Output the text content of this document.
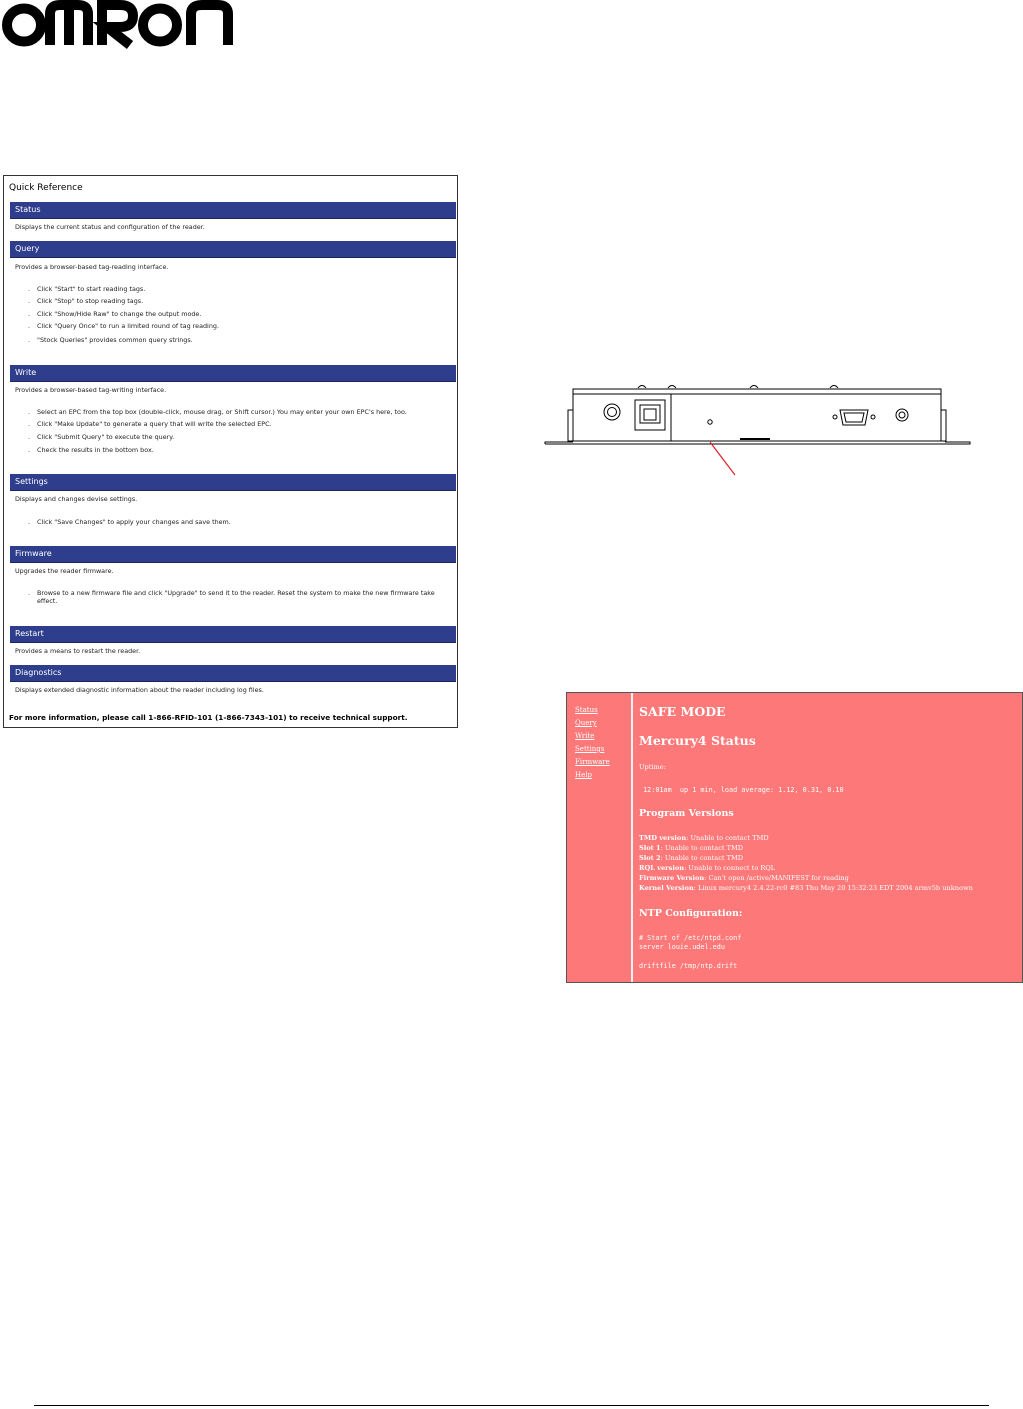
Quick Reference
Status
Displays the current status and configuration of the reader.
Query
Provides a browser-based tag-reading interface.
. Click "Start" to start reading tags.
. Click "Stop" to stop reading tags.
. Click "Show/Hide Raw" to change the output mode.
. Click "Query Once" to run a limited round of tag reading.
. "Stock Queries" provides common query strings.
Write
Provides a browser-based tag-writing interface.
. Select an EPC from the top box (double-click, mouse drag, or Shift cursor.) You may enter your own EPC's here, too.
. Click "Make Update" to generate a query that will write the selected EPC.
. Click "Submit Query" to execute the query.
. Check the results in the bottom box.
Settings
Displays and changes devise settings.
. Click "Save Changes" to apply your changes and save them.
Firmware
Upgrades the reader firmware.
. Browse to a new firmware file and click "Upgrade" to send it to the reader. Reset the system to make the new firmware take effect.
Restart
Provides a means to restart the reader.
Diagnostics
Displays extended diagnostic information about the reader including log files.
For more information, please call 1-866-RFID-101 (1-866-7343-101) to receive technical support.
Status
Query
Write
Settings
Firmware
Help
SAFE MODE
Mercury4 Status
Uptime:
12:01am  up 1 min, load average: 1.12, 0.31, 0.10
Program Versions
TMD version: Unable to contact TMD
Slot 1: Unable to contact TMD
Slot 2: Unable to contact TMD
RQL version: Unable to connect to RQL
Firmware Version: Can't open /active/MANIFEST for reading
Kernel Version: Linux mercury4 2.4.22-rc0 #83 Thu May 20 15:32:23 EDT 2004 armv5b unknown
NTP Configuration:
# Start of /etc/ntpd.conf
server louie.udel.edu
driftfile /tmp/ntp.drift
